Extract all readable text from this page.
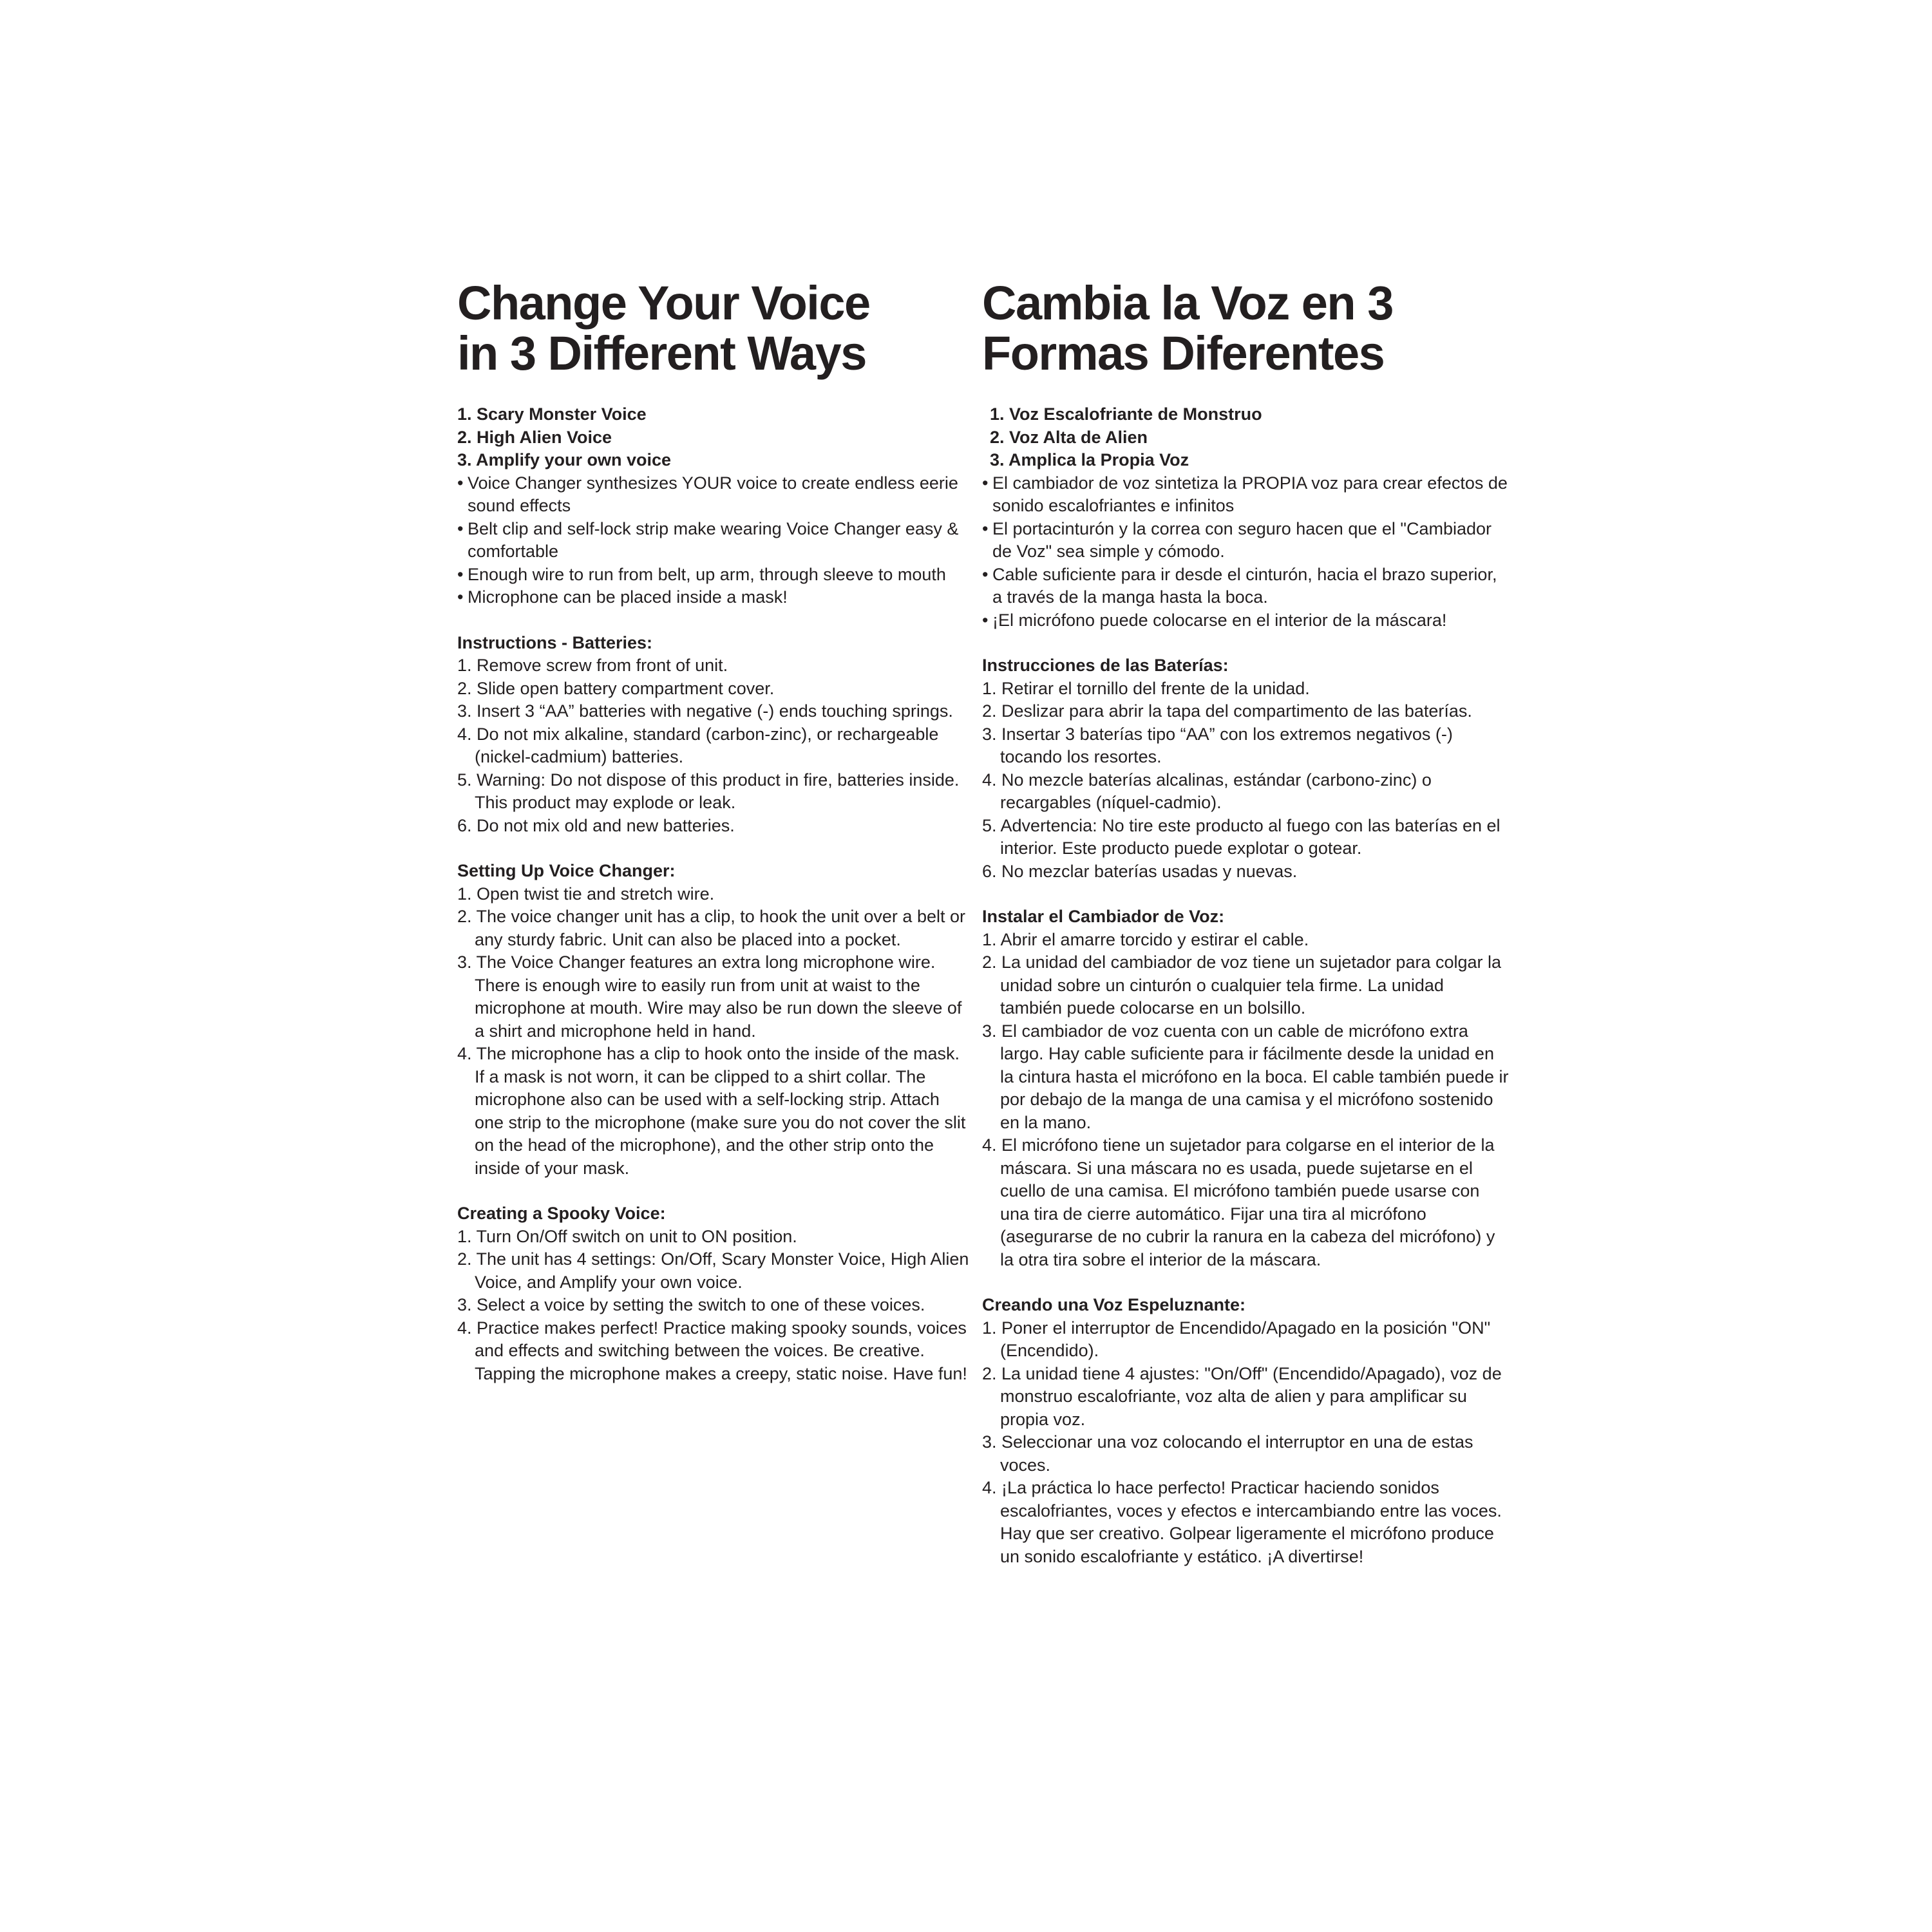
Change Your Voice
in 3 Different Ways
1. Scary Monster Voice
2. High Alien Voice
3. Amplify your own voice
• Voice Changer synthesizes YOUR voice to create endless eerie sound effects
• Belt clip and self-lock strip make wearing Voice Changer easy & comfortable
• Enough wire to run from belt, up arm, through sleeve to mouth
• Microphone can be placed inside a mask!

Instructions - Batteries:

1. Remove screw from front of unit.
2. Slide open battery compartment cover.
3. Insert 3 “AA” batteries with negative (-) ends touching springs.
4. Do not mix alkaline, standard (carbon-zinc), or rechargeable (nickel-cadmium) batteries.
5. Warning: Do not dispose of this product in fire, batteries inside. This product may explode or leak.
6. Do not mix old and new batteries.

Setting Up Voice Changer:

1. Open twist tie and stretch wire.
2. The voice changer unit has a clip, to hook the unit over a belt or any sturdy fabric. Unit can also be placed into a pocket.
3. The Voice Changer features an extra long microphone wire. There is enough wire to easily run from unit at waist to the microphone at mouth. Wire may also be run down the sleeve of a shirt and microphone held in hand.
4. The microphone has a clip to hook onto the inside of the mask. If a mask is not worn, it can be clipped to a shirt collar. The microphone also can be used with a self-locking strip. Attach one strip to the microphone (make sure you do not cover the slit on the head of the microphone), and the other strip onto the inside of your mask.

Creating a Spooky Voice:

1. Turn On/Off switch on unit to ON position.
2. The unit has 4 settings: On/Off, Scary Monster Voice, High Alien Voice, and Amplify your own voice.
3. Select a voice by setting the switch to one of these voices.
4. Practice makes perfect! Practice making spooky sounds, voices and effects and switching between the voices. Be creative. Tapping the microphone makes a creepy, static noise. Have fun!
Cambia la Voz en 3
Formas Diferentes
1. Voz Escalofriante de Monstruo
2. Voz Alta de Alien
3. Amplica la Propia Voz
• El cambiador de voz sintetiza la PROPIA voz para crear efectos de sonido escalofriantes e infinitos
• El portacinturón y la correa con seguro hacen que el "Cambiador de Voz" sea simple y cómodo.
• Cable suficiente para ir desde el cinturón, hacia el brazo superior, a través de la manga hasta la boca.
• ¡El micrófono puede colocarse en el interior de la máscara!

Instrucciones de las Baterías:

1. Retirar el tornillo del frente de la unidad.
2. Deslizar para abrir la tapa del compartimento de las baterías.
3. Insertar 3 baterías tipo “AA” con los extremos negativos (-) tocando los resortes.
4. No mezcle baterías alcalinas, estándar (carbono-zinc) o recargables (níquel-cadmio).
5. Advertencia: No tire este producto al fuego con las baterías en el interior. Este producto puede explotar o gotear.
6. No mezclar baterías usadas y nuevas.

Instalar el Cambiador de Voz:

1. Abrir el amarre torcido y estirar el cable.
2. La unidad del cambiador de voz tiene un sujetador para colgar la unidad sobre un cinturón o cualquier tela firme. La unidad también puede colocarse en un bolsillo.
3. El cambiador de voz cuenta con un cable de micrófono extra largo. Hay cable suficiente para ir fácilmente desde la unidad en la cintura hasta el micrófono en la boca. El cable también puede ir por debajo de la manga de una camisa y el micrófono sostenido en la mano.
4. El micrófono tiene un sujetador para colgarse en el interior de la máscara. Si una máscara no es usada, puede sujetarse en el cuello de una camisa. El micrófono también puede usarse con una tira de cierre automático. Fijar una tira al micrófono (asegurarse de no cubrir la ranura en la cabeza del micrófono) y la otra tira sobre el interior de la máscara.

Creando una Voz Espeluznante:

1. Poner el interruptor de Encendido/Apagado en la posición "ON" (Encendido).
2. La unidad tiene 4 ajustes: "On/Off" (Encendido/Apagado), voz de monstruo escalofriante, voz alta de alien y para amplificar su propia voz.
3. Seleccionar una voz colocando el interruptor en una de estas voces.
4. ¡La práctica lo hace perfecto! Practicar haciendo sonidos escalofriantes, voces y efectos e intercambiando entre las voces. Hay que ser creativo. Golpear ligeramente el micrófono produce un sonido escalofriante y estático. ¡A divertirse!
